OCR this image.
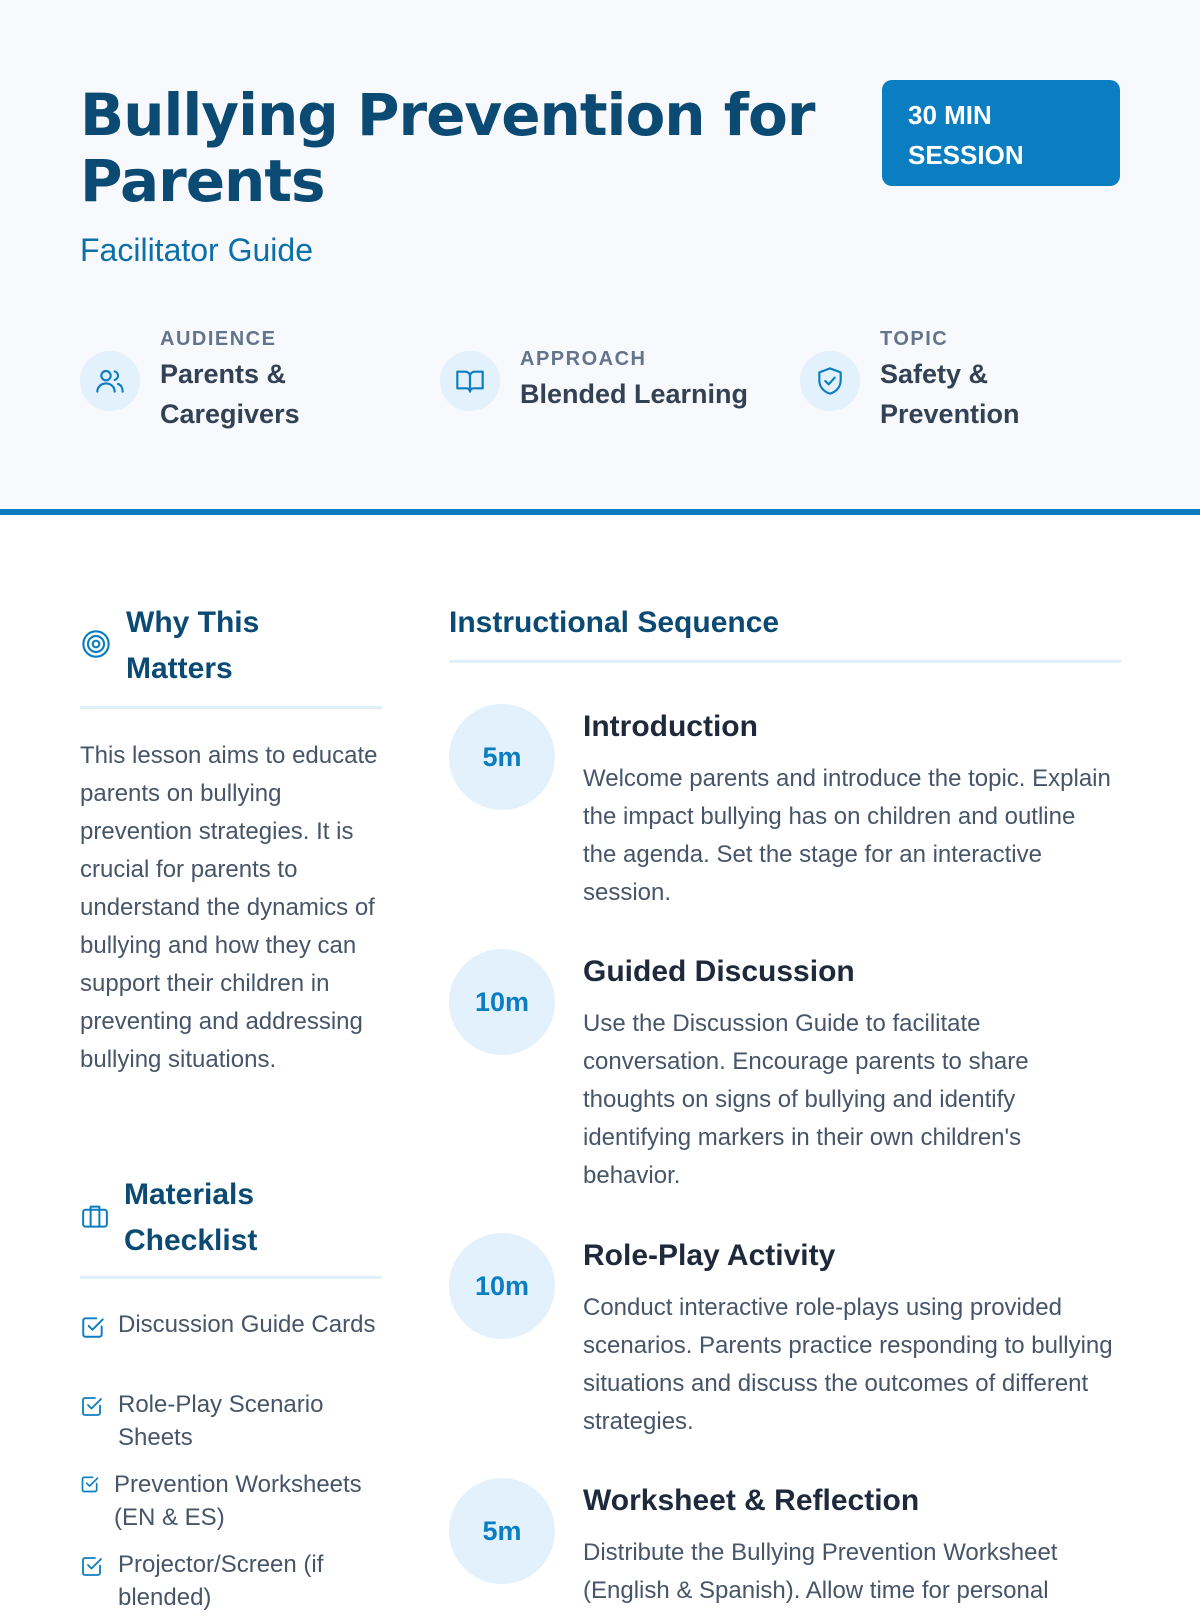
Bullying Prevention for Parents
Facilitator Guide
30 MIN SESSION
AUDIENCE
Parents & Caregivers
APPROACH
Blended Learning
TOPIC
Safety & Prevention
Why This Matters

This lesson aims to educate parents on bullying prevention strategies. It is crucial for parents to understand the dynamics of bullying and how they can support their children in preventing and addressing bullying situations.

Materials Checklist
Discussion Guide Cards
Role-Play Scenario Sheets
Prevention Worksheets (EN & ES)
Projector/Screen (if blended)
Instructional Sequence
5m
Introduction

Welcome parents and introduce the topic. Explain the impact bullying has on children and outline the agenda. Set the stage for an interactive session.

10m
Guided Discussion

Use the Discussion Guide to facilitate conversation. Encourage parents to share thoughts on signs of bullying and identify identifying markers in their own children's behavior.

10m
Role-Play Activity

Conduct interactive role-plays using provided scenarios. Parents practice responding to bullying situations and discuss the outcomes of different strategies.

5m
Worksheet & Reflection

Distribute the Bullying Prevention Worksheet (English & Spanish). Allow time for personal
